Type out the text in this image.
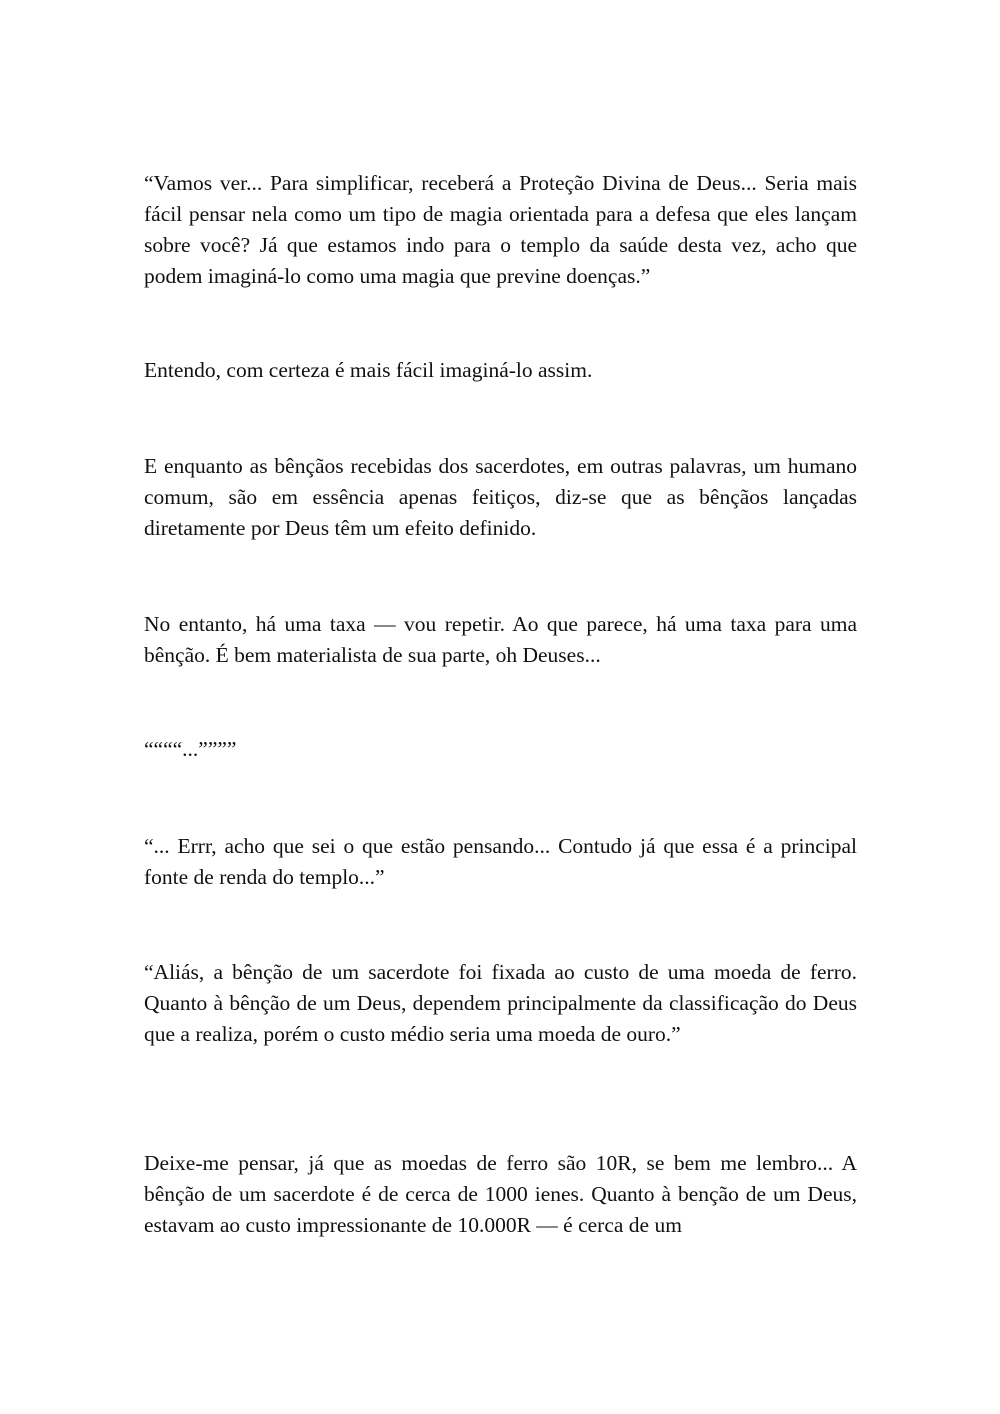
“Vamos ver... Para simplificar, receberá a Proteção Divina de Deus... Seria mais fácil pensar nela como um tipo de magia orientada para a defesa que eles lançam sobre você? Já que estamos indo para o templo da saúde desta vez, acho que podem imaginá-lo como uma magia que previne doenças.”

Entendo, com certeza é mais fácil imaginá-lo assim.

E enquanto as bênçãos recebidas dos sacerdotes, em outras palavras, um humano comum, são em essência apenas feitiços, diz-se que as bênçãos lançadas diretamente por Deus têm um efeito definido.

No entanto, há uma taxa — vou repetir. Ao que parece, há uma taxa para uma bênção. É bem materialista de sua parte, oh Deuses...

““““...””””

“... Errr, acho que sei o que estão pensando... Contudo já que essa é a principal fonte de renda do templo...”

“Aliás, a bênção de um sacerdote foi fixada ao custo de uma moeda de ferro. Quanto à bênção de um Deus, dependem principalmente da classificação do Deus que a realiza, porém o custo médio seria uma moeda de ouro.”

Deixe-me pensar, já que as moedas de ferro são 10R, se bem me lembro... A bênção de um sacerdote é de cerca de 1000 ienes. Quanto à benção de um Deus, estavam ao custo impressionante de 10.000R — é cerca de um
